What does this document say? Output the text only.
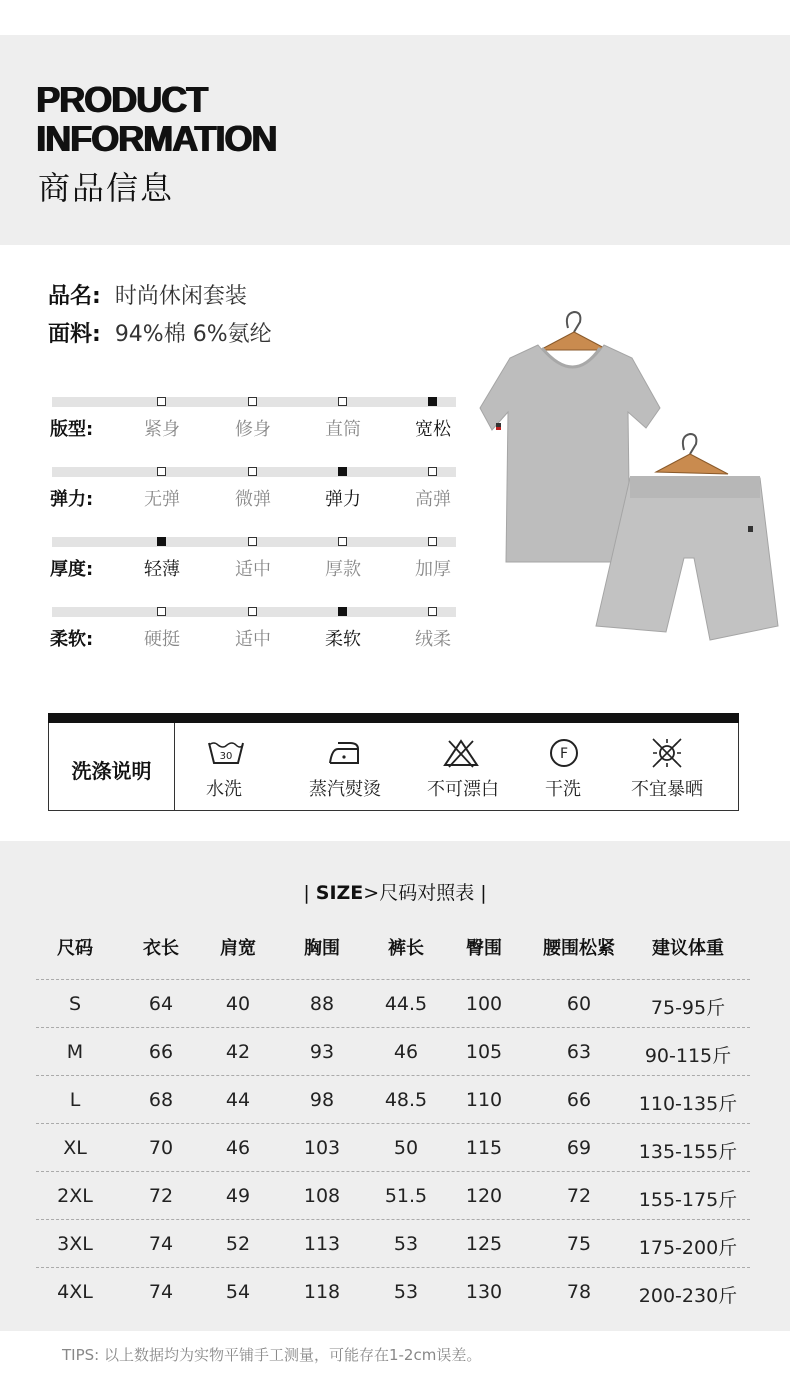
PRODUCT
INFORMATION
商品信息
品名: 时尚休闲套装
面料: 94%棉 6%氨纶
版型:	紧身	修身	直筒	宽松
弹力:	无弹	微弹	弹力	高弹
厚度:	轻薄	适中	厚款	加厚
柔软:	硬挺	适中	柔软	绒柔
洗涤说明
30	F
水洗	蒸汽熨烫	不可漂白	干洗	不宜暴晒
| SIZE>尺码对照表 |
尺码	衣长	肩宽	胸围	裤长	臀围	腰围松紧	建议体重
S	64	40	88	44.5	100	60	75-95斤
M	66	42	93	46	105	63	90-115斤
L	68	44	98	48.5	110	66	110-135斤
XL	70	46	103	50	115	69	135-155斤
2XL	72	49	108	51.5	120	72	155-175斤
3XL	74	52	113	53	125	75	175-200斤
4XL	74	54	118	53	130	78	200-230斤
TIPS: 以上数据均为实物平铺手工测量，可能存在1-2cm误差。
